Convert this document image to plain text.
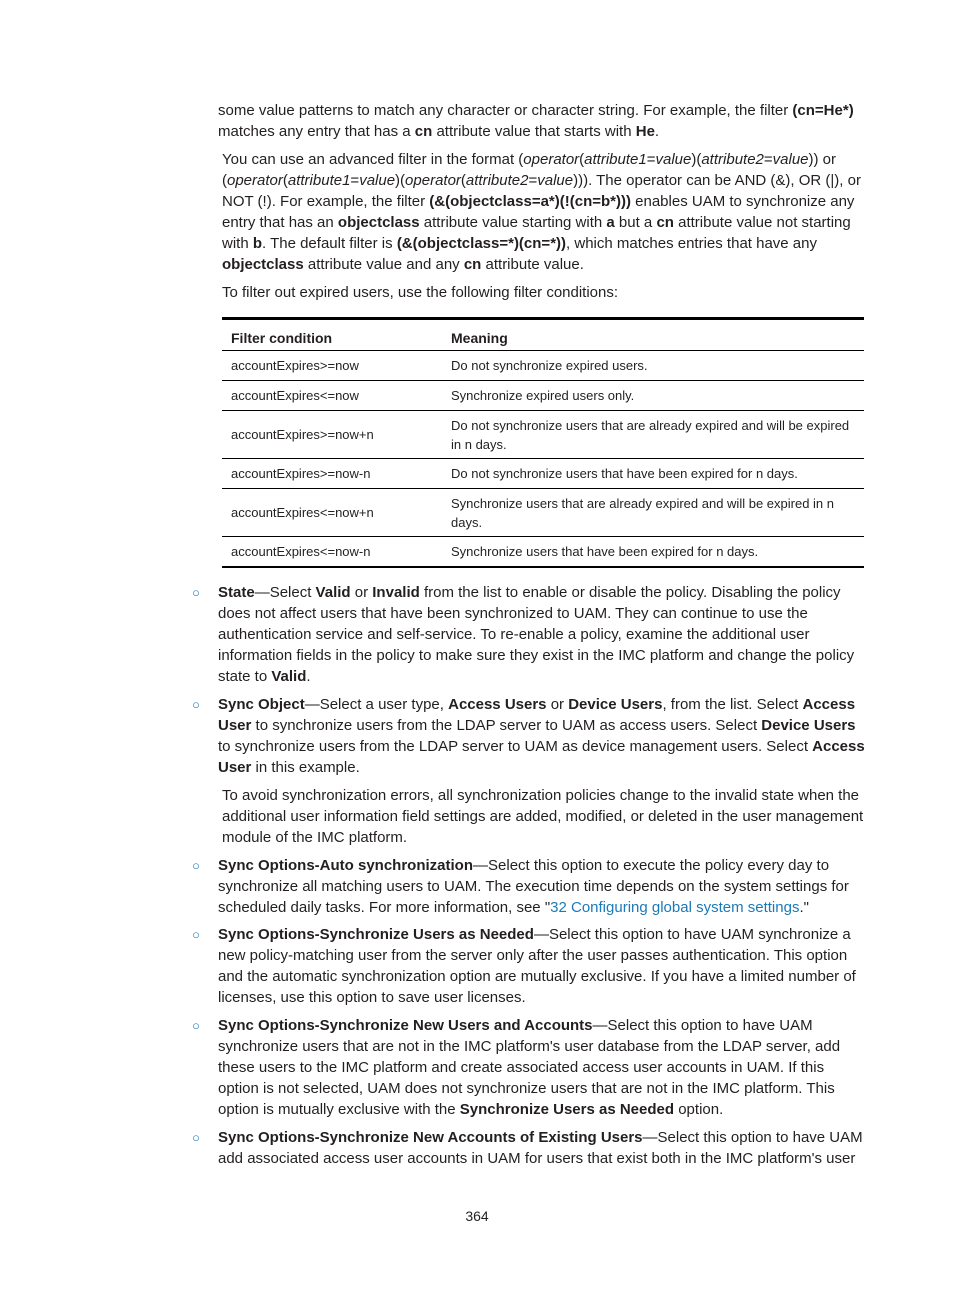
some value patterns to match any character or character string. For example, the filter (cn=He*) matches any entry that has a cn attribute value that starts with He.

You can use an advanced filter in the format (operator(attribute1=value)(attribute2=value)) or (operator(attribute1=value)(operator(attribute2=value))). The operator can be AND (&), OR (|), or NOT (!). For example, the filter (&(objectclass=a*)(!(cn=b*))) enables UAM to synchronize any entry that has an objectclass attribute value starting with a but a cn attribute value not starting with b. The default filter is (&(objectclass=*)(cn=*)), which matches entries that have any objectclass attribute value and any cn attribute value.

To filter out expired users, use the following filter conditions:

Filter condition	Meaning
accountExpires>=now	Do not synchronize expired users.
accountExpires<=now	Synchronize expired users only.
accountExpires>=now+n	Do not synchronize users that are already expired and will be expired in n days.
accountExpires>=now-n	Do not synchronize users that have been expired for n days.
accountExpires<=now+n	Synchronize users that are already expired and will be expired in n days.
accountExpires<=now-n	Synchronize users that have been expired for n days.
○ State—Select Valid or Invalid from the list to enable or disable the policy. Disabling the policy does not affect users that have been synchronized to UAM. They can continue to use the authentication service and self-service. To re-enable a policy, examine the additional user information fields in the policy to make sure they exist in the IMC platform and change the policy state to Valid.

○ Sync Object—Select a user type, Access Users or Device Users, from the list. Select Access User to synchronize users from the LDAP server to UAM as access users. Select Device Users to synchronize users from the LDAP server to UAM as device management users. Select Access User in this example.

To avoid synchronization errors, all synchronization policies change to the invalid state when the additional user information field settings are added, modified, or deleted in the user management module of the IMC platform.

○ Sync Options-Auto synchronization—Select this option to execute the policy every day to synchronize all matching users to UAM. The execution time depends on the system settings for scheduled daily tasks. For more information, see "32 Configuring global system settings."

○ Sync Options-Synchronize Users as Needed—Select this option to have UAM synchronize a new policy-matching user from the server only after the user passes authentication. This option and the automatic synchronization option are mutually exclusive. If you have a limited number of licenses, use this option to save user licenses.

○ Sync Options-Synchronize New Users and Accounts—Select this option to have UAM synchronize users that are not in the IMC platform's user database from the LDAP server, add these users to the IMC platform and create associated access user accounts in UAM. If this option is not selected, UAM does not synchronize users that are not in the IMC platform. This option is mutually exclusive with the Synchronize Users as Needed option.

○ Sync Options-Synchronize New Accounts of Existing Users—Select this option to have UAM add associated access user accounts in UAM for users that exist both in the IMC platform's user

364
